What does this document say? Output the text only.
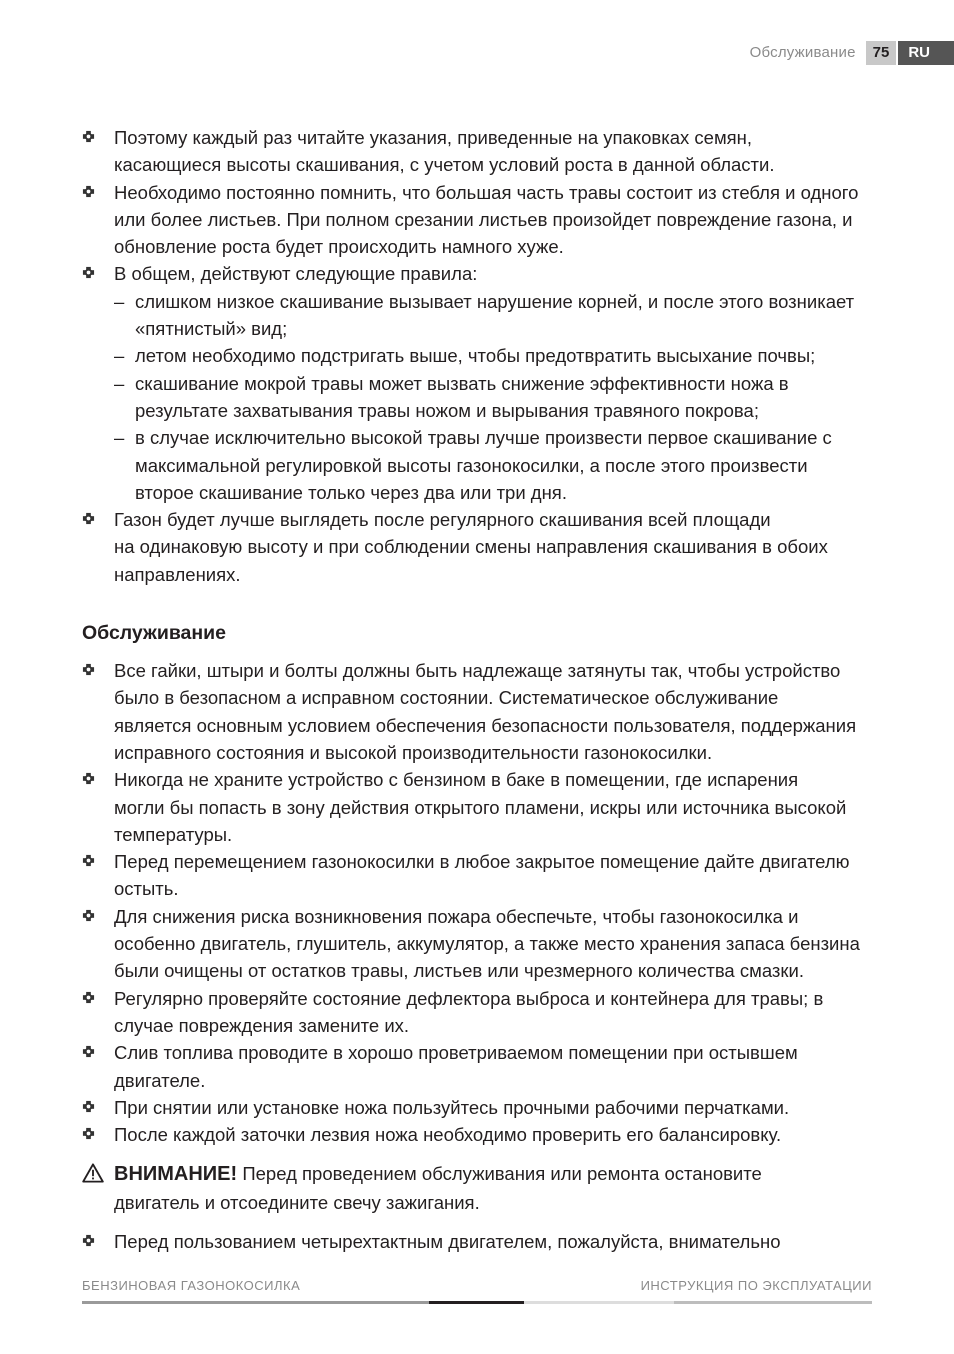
Обслуживание	75	RU
Поэтому каждый раз читайте указания, приведенные на упаковках семян,
касающиеся высоты скашивания, с учетом условий роста в данной области.
Необходимо постоянно помнить, что большая часть травы состоит из стебля и одного
или более листьев. При полном срезании листьев произойдет повреждение газона, и
обновление роста будет происходить намного хуже.
В общем, действуют следующие правила:
– слишком низкое скашивание вызывает нарушение корней, и после этого возникает
«пятнистый» вид;
– летом необходимо подстригать выше, чтобы предотвратить высыхание почвы;
– скашивание мокрой травы может вызвать снижение эффективности ножа в
результате захватывания травы ножом и вырывания травяного покрова;
– в случае исключительно высокой травы лучше произвести первое скашивание с
максимальной регулировкой высоты газонокосилки, а после этого произвести
второе скашивание только через два или три дня.
Газон будет лучше выглядеть после регулярного скашивания всей площади
на одинаковую высоту и при соблюдении смены направления скашивания в обоих
направлениях.
Обслуживание
Все гайки, штыри и болты должны быть надлежаще затянуты так, чтобы устройство
было в безопасном а исправном состоянии. Систематическое обслуживание
является основным условием обеспечения безопасности пользователя, поддержания
исправного состояния и высокой производительности газонокосилки.
Никогда не храните устройство с бензином в баке в помещении, где испарения
могли бы попасть в зону действия открытого пламени, искры или источника высокой
температуры.
Перед перемещением газонокосилки в любое закрытое помещение дайте двигателю
остыть.
Для снижения риска возникновения пожара обеспечьте, чтобы газонокосилка и
особенно двигатель, глушитель, аккумулятор, а также место хранения запаса бензина
были очищены от остатков травы, листьев или чрезмерного количества смазки.
Регулярно проверяйте состояние дефлектора выброса и контейнера для травы; в
случае повреждения замените их.
Слив топлива проводите в хорошо проветриваемом помещении при остывшем
двигателе.
При снятии или установке ножа пользуйтесь прочными рабочими перчатками.
После каждой заточки лезвия ножа необходимо проверить его балансировку.
ВНИМАНИЕ! Перед проведением обслуживания или ремонта остановите
двигатель и отсоедините свечу зажигания.
Перед пользованием четырехтактным двигателем, пожалуйста, внимательно
БЕНЗИНОВАЯ ГАЗОНОКОСИЛКА	ИНСТРУКЦИЯ ПО ЭКСПЛУАТАЦИИ
